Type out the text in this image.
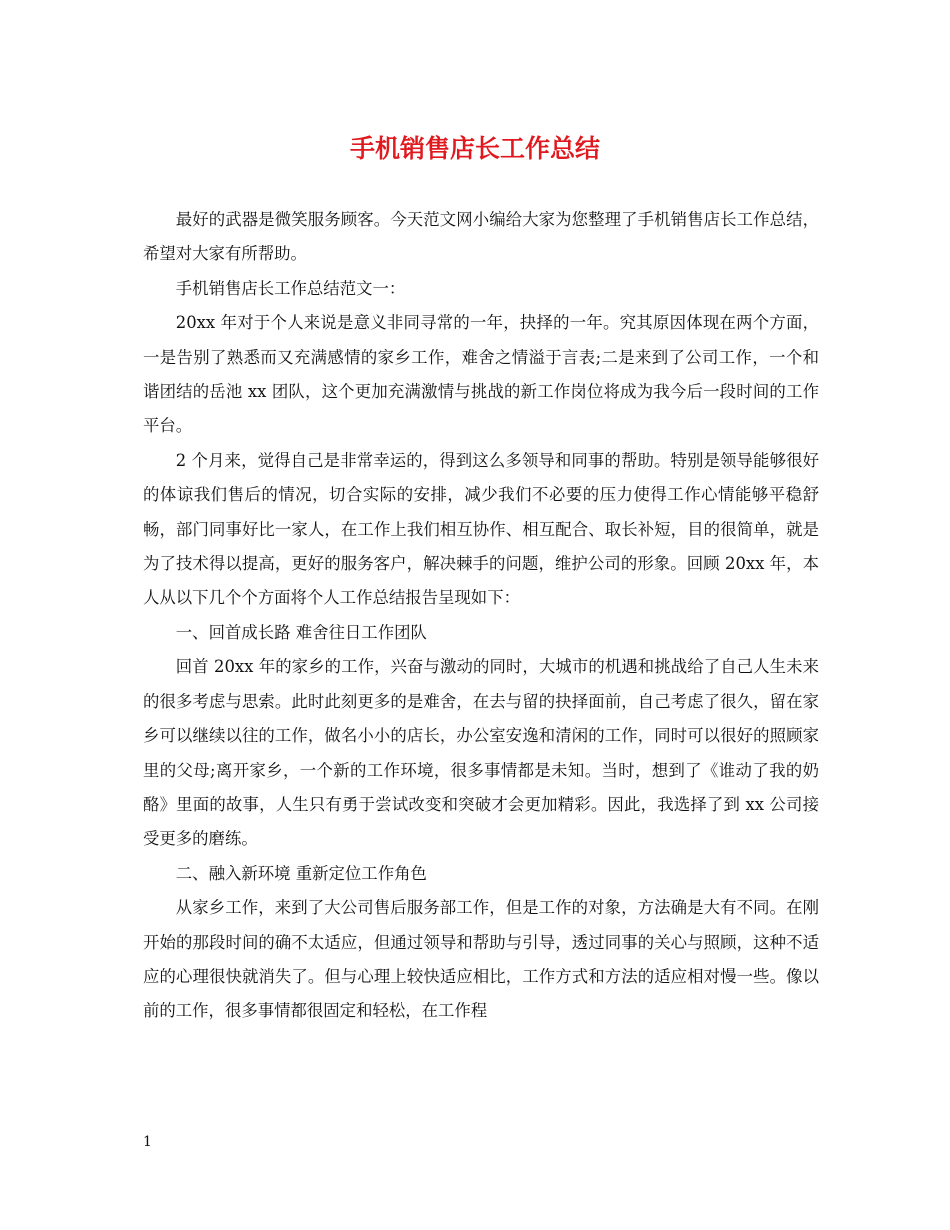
手机销售店长工作总结

最好的武器是微笑服务顾客。今天范文网小编给大家为您整理了手机销售店长工作总结，希望对大家有所帮助。

手机销售店长工作总结范文一：

20xx 年对于个人来说是意义非同寻常的一年，抉择的一年。究其原因体现在两个方面，一是告别了熟悉而又充满感情的家乡工作，难舍之情溢于言表;二是来到了公司工作，一个和谐团结的岳池 xx 团队，这个更加充满激情与挑战的新工作岗位将成为我今后一段时间的工作平台。

2 个月来，觉得自己是非常幸运的，得到这么多领导和同事的帮助。特别是领导能够很好的体谅我们售后的情况，切合实际的安排，减少我们不必要的压力使得工作心情能够平稳舒畅，部门同事好比一家人，在工作上我们相互协作、相互配合、取长补短，目的很简单，就是为了技术得以提高，更好的服务客户，解决棘手的问题，维护公司的形象。回顾 20xx 年，本人从以下几个个方面将个人工作总结报告呈现如下：

一、回首成长路 难舍往日工作团队

回首 20xx 年的家乡的工作，兴奋与激动的同时，大城市的机遇和挑战给了自己人生未来的很多考虑与思索。此时此刻更多的是难舍，在去与留的抉择面前，自己考虑了很久，留在家乡可以继续以往的工作，做名小小的店长，办公室安逸和清闲的工作，同时可以很好的照顾家里的父母;离开家乡，一个新的工作环境，很多事情都是未知。当时，想到了《谁动了我的奶酪》里面的故事，人生只有勇于尝试改变和突破才会更加精彩。因此，我选择了到 xx 公司接受更多的磨练。

二、融入新环境 重新定位工作角色

从家乡工作，来到了大公司售后服务部工作，但是工作的对象，方法确是大有不同。在刚开始的那段时间的确不太适应，但通过领导和帮助与引导，透过同事的关心与照顾，这种不适应的心理很快就消失了。但与心理上较快适应相比，工作方式和方法的适应相对慢一些。像以前的工作，很多事情都很固定和轻松，在工作程

1
